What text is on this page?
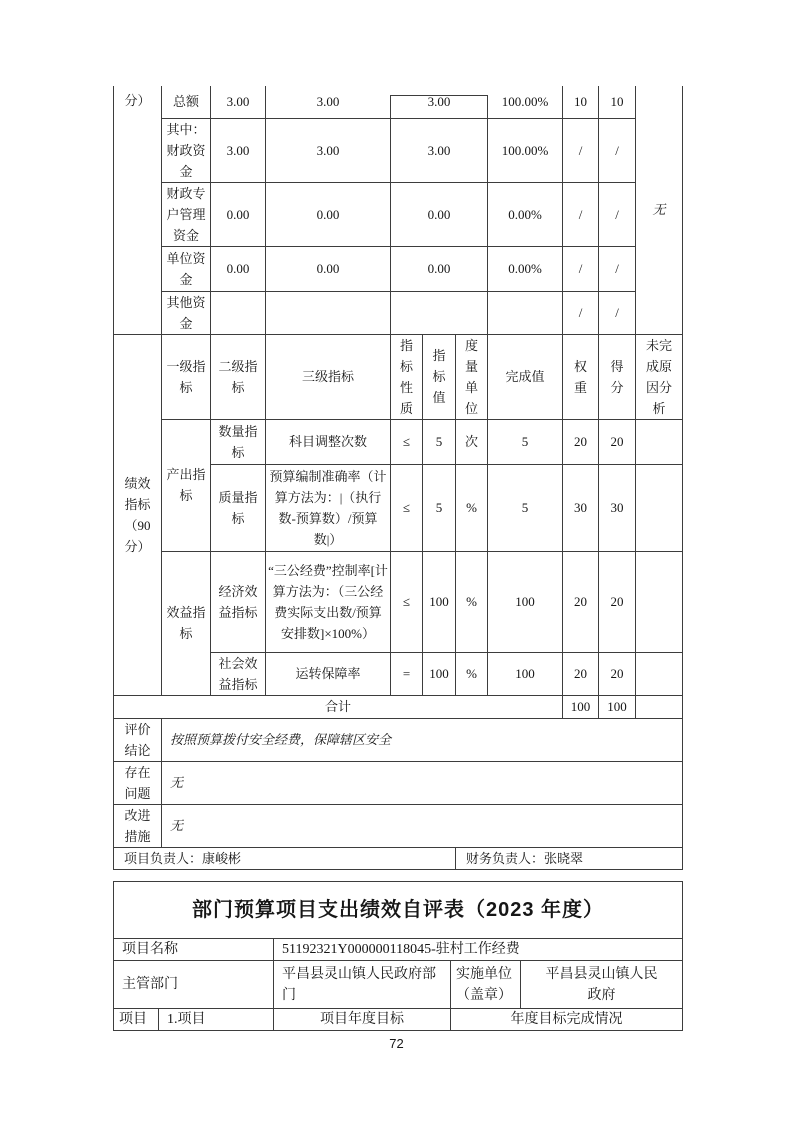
分）	总额	3.00	3.00	3.00			100.00%	10	10	无
	其中：财政资金	3.00	3.00	3.00			100.00%	/	/	
	财政专户管理资金	0.00	0.00	0.00			0.00%	/	/	
	单位资金	0.00	0.00	0.00			0.00%	/	/	
	其他资金							/	/	
绩效指标（90分）	一级指标	二级指标	三级指标	指标性质	指标值	度量单位	完成值	权重	得分	未完成原因分析
	产出指标	数量指标	科目调整次数	≤	5	次	5	20	20	
		质量指标	预算编制准确率（计算方法为：|（执行数-预算数）/预算数|）	≤	5	%	5	30	30	
	效益指标	经济效益指标	“三公经费”控制率[计算方法为：（三公经费实际支出数/预算安排数]×100%）	≤	100	%	100	20	20	
		社会效益指标	运转保障率	=	100	%	100	20	20	
合计								100	100	
评价结论	按照预算拨付安全经费，保障辖区安全									
存在问题	无									
改进措施	无									
项目负责人：康峻彬						财务负责人：张晓翠				
部门预算项目支出绩效自评表（2023 年度）				
项目名称		51192321Y000000118045-驻村工作经费		
主管部门		平昌县灵山镇人民政府部门	实施单位（盖章）	平昌县灵山镇人民政府
项目	1.项目	项目年度目标	年度目标完成情况	
72
